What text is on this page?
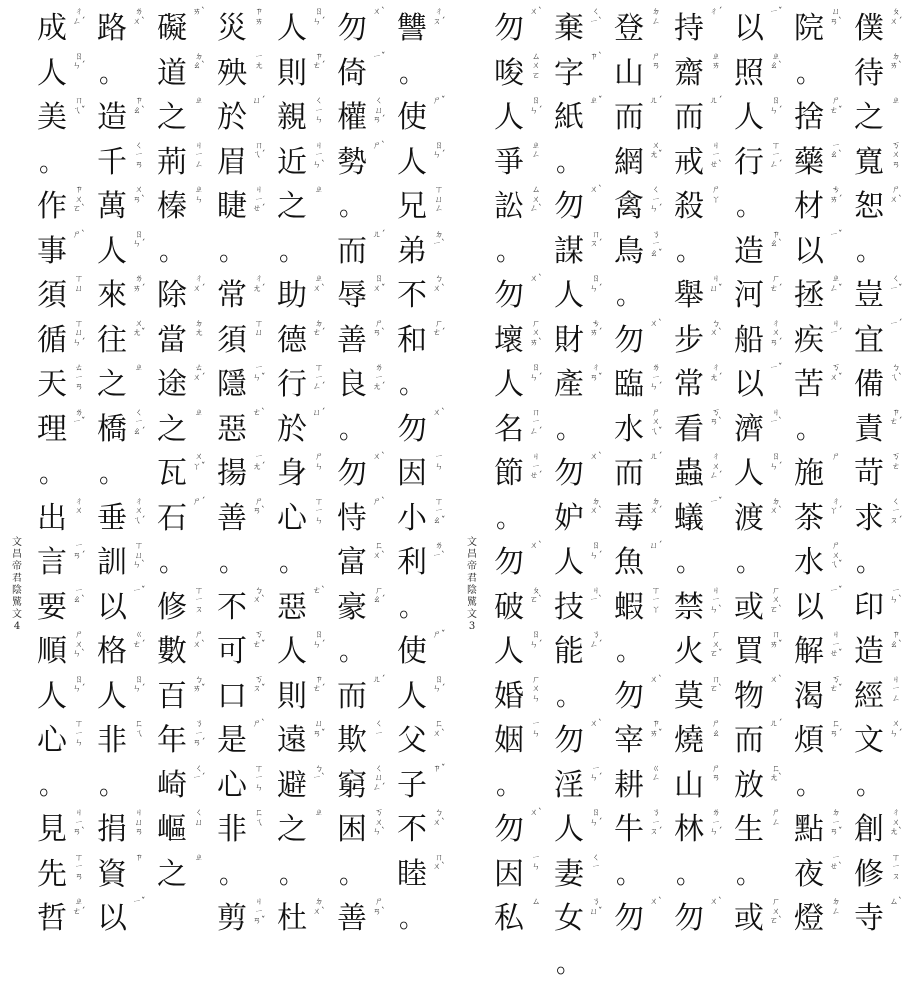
讐 ㄔㄡˊ
。
使 ㄕˇ
人 ㄖㄣˊ
兄 ㄒㄩㄥ
弟 ㄉㄧˋ
不 ㄅㄨˋ
和 ㄏㄜˊ
。
勿 ㄨˋ
因 ㄧㄣ
小 ㄒㄧㄠˇ
利 ㄌㄧˋ
。
使 ㄕˇ
人 ㄖㄣˊ
父 ㄈㄨˋ
子 ㄗˇ
不 ㄅㄨˋ
睦 ㄇㄨˋ
。
勿 ㄨˋ
倚 ㄧˇ
權 ㄑㄩㄢˊ
勢 ㄕˋ
。
而 ㄦˊ
辱 ㄖㄨˇ
善 ㄕㄢˋ
良 ㄌㄧㄤˊ
。
勿 ㄨˋ
恃 ㄕˋ
富 ㄈㄨˋ
豪 ㄏㄠˊ
。
而 ㄦˊ
欺 ㄑㄧ
窮 ㄑㄩㄥˊ
困 ㄎㄨㄣˋ
。
善 ㄕㄢˋ
人 ㄖㄣˊ
則 ㄗㄜˊ
親 ㄑㄧㄣ
近 ㄐㄧㄣˋ
之 ㄓ
。
助 ㄓㄨˋ
德 ㄉㄜˊ
行 ㄒㄧㄥˊ
於 ㄩˊ
身 ㄕㄣ
心 ㄒㄧㄣ
。
惡 ㄜˋ
人 ㄖㄣˊ
則 ㄗㄜˊ
遠 ㄩㄢˇ
避 ㄅㄧˋ
之 ㄓ
。
杜 ㄉㄨˋ
災 ㄗㄞ
殃 ㄧㄤ
於 ㄩˊ
眉 ㄇㄟˊ
睫 ㄐㄧㄝˊ
。
常 ㄔㄤˊ
須 ㄒㄩ
隱 ㄧㄣˇ
惡 ㄜˋ
揚 ㄧㄤˊ
善 ㄕㄢˋ
。
不 ㄅㄨˋ
可 ㄎㄜˇ
口 ㄎㄡˇ
是 ㄕˋ
心 ㄒㄧㄣ
非 ㄈㄟ
。
剪 ㄐㄧㄢˇ
礙 ㄞˋ
道 ㄉㄠˋ
之 ㄓ
荊 ㄐㄧㄥ
榛 ㄓㄣ
。
除 ㄔㄨˊ
當 ㄉㄤ
途 ㄊㄨˊ
之 ㄓ
瓦 ㄨㄚˇ
石 ㄕˊ
。
修 ㄒㄧㄡ
數 ㄕㄨˋ
百 ㄅㄞˇ
年 ㄋㄧㄢˊ
崎 ㄑㄧˊ
嶇 ㄑㄩ
之 ㄓ
路 ㄌㄨˋ
。
造 ㄗㄠˋ
千 ㄑㄧㄢ
萬 ㄨㄢˋ
人 ㄖㄣˊ
來 ㄌㄞˊ
往 ㄨㄤˇ
之 ㄓ
橋 ㄑㄧㄠˊ
。
垂 ㄔㄨㄟˊ
訓 ㄒㄩㄣˋ
以 ㄧˇ
格 ㄍㄜˊ
人 ㄖㄣˊ
非 ㄈㄟ
。
捐 ㄐㄩㄢ
資 ㄗ
以 ㄧˇ
成 ㄔㄥˊ
人 ㄖㄣˊ
美 ㄇㄟˇ
。
作 ㄗㄨㄛˋ
事 ㄕˋ
須 ㄒㄩ
循 ㄒㄩㄣˊ
天 ㄊㄧㄢ
理 ㄌㄧˇ
。
出 ㄔㄨ
言 ㄧㄢˊ
要 ㄧㄠˋ
順 ㄕㄨㄣˋ
人 ㄖㄣˊ
心 ㄒㄧㄣ
。
見 ㄐㄧㄢˋ
先 ㄒㄧㄢ
哲 ㄓㄜˊ
文昌帝君陰騭文4
僕 ㄆㄨˊ
待 ㄉㄞˋ
之 ㄓ
寬 ㄎㄨㄢ
恕 ㄕㄨˋ
。
豈 ㄑㄧˇ
宜 ㄧˊ
備 ㄅㄟˋ
責 ㄗㄜˊ
苛 ㄎㄜ
求 ㄑㄧㄡˊ
。
印 ㄧㄣˋ
造 ㄗㄠˋ
經 ㄐㄧㄥ
文 ㄨㄣˊ
。
創 ㄔㄨㄤˋ
修 ㄒㄧㄡ
寺 ㄙˋ
院 ㄩㄢˋ
。
捨 ㄕㄜˇ
藥 ㄧㄠˋ
材 ㄘㄞˊ
以 ㄧˇ
拯 ㄓㄥˇ
疾 ㄐㄧˊ
苦 ㄎㄨˇ
。
施 ㄕ
茶 ㄔㄚˊ
水 ㄕㄨㄟˇ
以 ㄧˇ
解 ㄐㄧㄝˇ
渴 ㄎㄜˇ
煩 ㄈㄢˊ
。
點 ㄉㄧㄢˇ
夜 ㄧㄝˋ
燈 ㄉㄥ
以 ㄧˇ
照 ㄓㄠˋ
人 ㄖㄣˊ
行 ㄒㄧㄥˊ
。
造 ㄗㄠˋ
河 ㄏㄜˊ
船 ㄔㄨㄢˊ
以 ㄧˇ
濟 ㄐㄧˋ
人 ㄖㄣˊ
渡 ㄉㄨˋ
。
或 ㄏㄨㄛˋ
買 ㄇㄞˇ
物 ㄨˋ
而 ㄦˊ
放 ㄈㄤˋ
生 ㄕㄥ
。
或 ㄏㄨㄛˋ
持 ㄔˊ
齋 ㄓㄞ
而 ㄦˊ
戒 ㄐㄧㄝˋ
殺 ㄕㄚ
。
舉 ㄐㄩˇ
步 ㄅㄨˋ
常 ㄔㄤˊ
看 ㄎㄢˋ
蟲 ㄔㄨㄥˊ
蟻 ㄧˇ
。
禁 ㄐㄧㄣˋ
火 ㄏㄨㄛˇ
莫 ㄇㄛˋ
燒 ㄕㄠ
山 ㄕㄢ
林 ㄌㄧㄣˊ
。
勿 ㄨˋ
登 ㄉㄥ
山 ㄕㄢ
而 ㄦˊ
網 ㄨㄤˇ
禽 ㄑㄧㄣˊ
鳥 ㄋㄧㄠˇ
。
勿 ㄨˋ
臨 ㄌㄧㄣˊ
水 ㄕㄨㄟˇ
而 ㄦˊ
毒 ㄉㄨˊ
魚 ㄩˊ
蝦 ㄒㄧㄚ
。
勿 ㄨˋ
宰 ㄗㄞˇ
耕 ㄍㄥ
牛 ㄋㄧㄡˊ
。
勿 ㄨˋ
棄 ㄑㄧˋ
字 ㄗˋ
紙 ㄓˇ
。
勿 ㄨˋ
謀 ㄇㄡˊ
人 ㄖㄣˊ
財 ㄘㄞˊ
產 ㄔㄢˇ
。
勿 ㄨˋ
妒 ㄉㄨˋ
人 ㄖㄣˊ
技 ㄐㄧˋ
能 ㄋㄥˊ
。
勿 ㄨˋ
淫 ㄧㄣˊ
人 ㄖㄣˊ
妻 ㄑㄧ
女 ㄋㄩˇ
。
勿 ㄨˋ
唆 ㄙㄨㄛ
人 ㄖㄣˊ
爭 ㄓㄥ
訟 ㄙㄨㄥˋ
。
勿 ㄨˋ
壞 ㄏㄨㄞˋ
人 ㄖㄣˊ
名 ㄇㄧㄥˊ
節 ㄐㄧㄝˊ
。
勿 ㄨˋ
破 ㄆㄛˋ
人 ㄖㄣˊ
婚 ㄏㄨㄣ
姻 ㄧㄣ
。
勿 ㄨˋ
因 ㄧㄣ
私 ㄙ
文昌帝君陰騭文3
